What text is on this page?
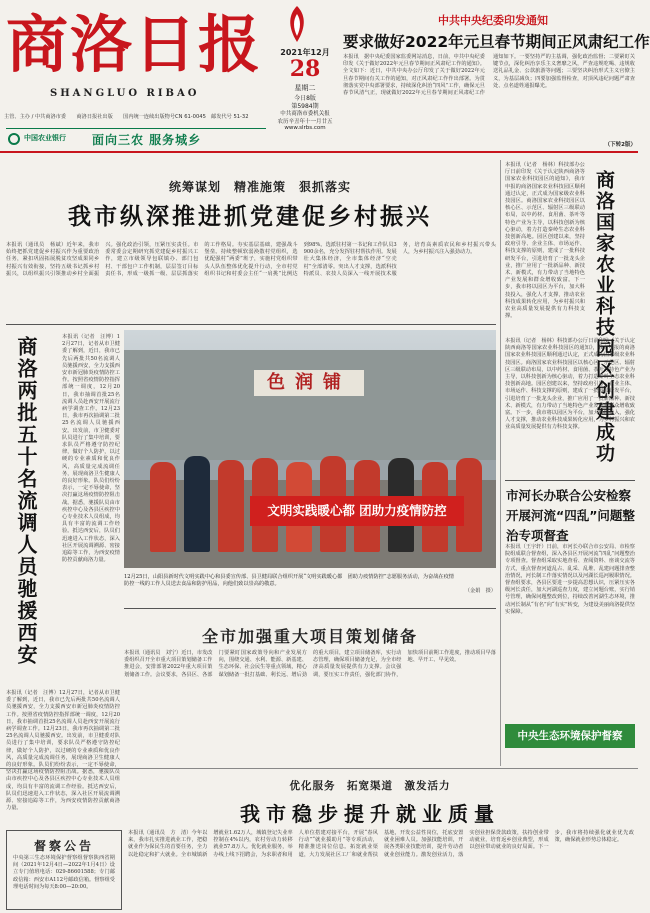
商洛日报
SHANGLUO RIBAO
2021年12月
28
星期二
今日8版
第5984期
中共商洛市委机关报
农历辛丑年十一月廿五
www.slrbs.com
主管、主办 / 中共商洛市委　　商洛日报社出版　　国内统一连续出版物号CN 61-0045　邮发代号 51-32
中国农业银行 面向三农 服务城乡
中共中央纪委印发通知
要求做好2022年元旦春节期间正风肃纪工作
本报讯　据中央纪委国家监委网站消息，日前，中共中央纪委印发《关于做好2022年元旦春节期间正风肃纪工作的通知》。全文如下：近日，中共中央办公厅印发了关于做好2022年元旦春节期间有关工作的通知，对正风肃纪工作作出部署。为贯彻落实党中央部署要求，持续深化纠治“四风”工作，确保元旦春节风清气正，现就做好2022年元旦春节期间正风肃纪工作通知如下。一要坚持严的主基调，强化政治监督；二要紧盯关键节点，深化纠治享乐主义奢靡之风，严查违规吃喝、违规收送礼品礼金、公款旅游等问题；三要坚决纠治形式主义官僚主义，为基层减负；四要加强监督检查，对顶风违纪问题严肃查处、点名道姓通报曝光。
（下转2版）
统筹谋划　精准施策　狠抓落实
我市纵深推进抓党建促乡村振兴
本报讯（通讯员　杨斌）近年来，我市始终把抓党建促乡村振兴作为重要政治任务，紧扣巩固拓展脱贫攻坚成果同乡村振兴有效衔接，坚持五级书记抓乡村振兴，以组织振兴引领推动乡村全面振兴。强化政治引领，压紧压实责任。市委常委会定期研究抓党建促乡村振兴工作，建立市级领导包联镇办、部门包村、干部包户工作机制，层层签订目标责任书，形成一级抓一级、层层抓落实的工作格局。夯实基层基础，建强战斗堡垒。持续整顿软弱涣散村党组织，选优配强村“两委”班子，实施村党组织带头人队伍整体优化提升行动，全市村党组织书记和村委会主任“一肩挑”比例达到98%。选派驻村第一书记和工作队员3900余名，充分发挥驻村帮扶作用。发展壮大集体经济，全市集体经济“空壳村”全部清零。突出人才支撑，选派科技特派员、农技人员深入一线开展技术服务，培育高素质农民和乡村振兴带头人，为乡村振兴注入强劲动力。
商洛两批五十名流调人员驰援西安	本报讯（记者　汪博）12月27日，记者从市卫健委了解到，近日，我市已先后两批共50名流调人员驰援西安，全力支援西安市新冠肺炎疫情防控工作。按照省疫情防控指挥部统一调度，12月20日，我市抽调首批25名流调人员赴西安开展流行病学调查工作。12月23日，我市再次抽调第二批25名流调人员驰援西安。出发前，市卫健委对队员进行了集中培训，要求队员严格遵守防控纪律，做好个人防护，以过硬的专业素质和优良作风，高质量完成流调任务，展现商洛卫生健康人的良好形象。队员们纷纷表示，一定不辱使命，坚决打赢这场疫情防控阻击战。据悉，驰援队员由市疾控中心及各县区疾控中心专业技术人员组成，均具有丰富的流调工作经验。抵达西安后，队员们迅速进入工作状态，深入社区开展流调溯源、密接追踪等工作，为西安疫情防控贡献商洛力量。
本报讯（记者　汪博）12月27日，记者从市卫健委了解到，近日，我市已先后两批共50名流调人员驰援西安，全力支援西安市新冠肺炎疫情防控工作。按照省疫情防控指挥部统一调度，12月20日，我市抽调首批25名流调人员赴西安开展流行病学调查工作。12月23日，我市再次抽调第二批25名流调人员驰援西安。出发前，市卫健委对队员进行了集中培训，要求队员严格遵守防控纪律，做好个人防护，以过硬的专业素质和优良作风，高质量完成流调任务，展现商洛卫生健康人的良好形象。队员们纷纷表示，一定不辱使命，坚决打赢这场疫情防控阻击战。据悉，驰援队员由市疾控中心及各县区疾控中心专业技术人员组成，均具有丰富的流调工作经验。抵达西安后，队员们迅速进入工作状态，深入社区开展流调溯源、密接追踪等工作，为西安疫情防控贡献商洛力量。
色润铺
文明实践暖心都 团助力疫情防控
12月25日，山阳县新时代文明实践中心和县委宣传部、县卫健局联合组织开展“文明实践暖心都　团助力疫情防控”志愿服务活动，为奋战在疫情防控一线的工作人员送去食品和防护用品，向他们致以崇高的敬意。
（金娟　摄）
全市加强重大项目策划储备
本报讯（通讯员　刘宁）近日，市发改委组织召开全市重大项目策划储备工作推进会，安排部署2022年重大项目策划储备工作。会议要求，各县区、各部门要紧盯国家政策导向和产业发展方向，围绕交通、水利、能源、新基建、生态环保、社会民生等重点领域，精心谋划储备一批打基础、利长远、增后劲的重大项目，建立项目储备库，实行动态管理，确保项目储备充足，为全市经济高质量发展提供有力支撑。会议强调，要压实工作责任，强化部门协作，加快项目前期工作进度，推动项目早落地、早开工、早见效。
本报讯（记者　杨林）科技部办公厅日前印发《关于认定陕西商洛等国家农业科技园区的通知》，我市申报的商洛国家农业科技园区顺利通过认定，正式成为国家级农业科技园区。商洛国家农业科技园区以核心区、示范区、辐射区三级联动布局，以中药材、食用菌、茶叶等特色产业为主导，以科技创新为核心驱动，着力打造秦岭生态农业科技创新高地。园区创建以来，坚持政府引导、企业主体、市场运作、科技支撑的原则，建成了一批科技研发平台，引进培育了一批龙头企业，推广应用了一批新品种、新技术、新模式，有力带动了当地特色产业发展和群众增收致富。下一步，我市将以园区为平台，加大科技投入，强化人才支撑，推动农业科技成果转化应用，为乡村振兴和农业高质量发展提供有力科技支撑。	商洛国家农业科技园区创建成功
本报讯（记者　杨林）科技部办公厅日前印发《关于认定陕西商洛等国家农业科技园区的通知》，我市申报的商洛国家农业科技园区顺利通过认定，正式成为国家级农业科技园区。商洛国家农业科技园区以核心区、示范区、辐射区三级联动布局，以中药材、食用菌、茶叶等特色产业为主导，以科技创新为核心驱动，着力打造秦岭生态农业科技创新高地。园区创建以来，坚持政府引导、企业主体、市场运作、科技支撑的原则，建成了一批科技研发平台，引进培育了一批龙头企业，推广应用了一批新品种、新技术、新模式，有力带动了当地特色产业发展和群众增收致富。下一步，我市将以园区为平台，加大科技投入，强化人才支撑，推动农业科技成果转化应用，为乡村振兴和农业高质量发展提供有力科技支撑。
市河长办联合公安检察开展河流“四乱”问题整治专项督查
本报讯（王宇轩）日前，市河长办联合市公安局、市检察院组成联合督查组，深入各县区开展河流“四乱”问题整治专项督查。督查组采取实地查看、查阅资料、座谈交流等方式，重点督查河道乱占、乱采、乱堆、乱建问题排查整治情况，河长制工作落实情况以及河湖长巡河履职情况。督查组要求，各县区要进一步提高思想认识，压紧压实各级河长责任，加大河湖巡查力度，建立问题台账，实行销号管理，确保问题整改到位，持续改善河湖生态环境，推动河长制从“有名”向“有实”转变，为建设美丽商洛提供坚实保障。
中央生态环境保护督察
优化服务　拓宽渠道　激发活力
我市稳步提升就业质量
本报讯（通讯员　方　清）今年以来，我市扎实推进就业工作，把稳就业作为保民生的首要任务，全力以赴稳定和扩大就业。全市城镇新增就业1.62万人，城镇登记失业率控制在4%以内，农村劳动力转移就业57.8万人。优化就业服务，举办线上线下招聘会，为求职者和用人单位搭建对接平台，开展“春风行动”“就业援助月”等专项活动，精准推送岗位信息。拓宽就业渠道，大力发展社区工厂和就业帮扶基地，开发公益性岗位，托底安置就业困难人员。加强技能培训，开展各类职业技能培训，提升劳动者就业创业能力。激发创业活力，落实创业担保贷款政策，扶持创业带动就业，培育返乡创业典型，形成以创业带动就业的良好局面。下一步，我市将持续强化就业优先政策，确保就业形势总体稳定。
督察公告
中央第三生态环境保护督察组督察陕西省期间（2021年12月4日—2022年1月4日）设立专门值班电话：029-86601588；专门邮政信箱：西安市A112号邮政信箱。督察组受理电话时间为每天8:00—20:00。
